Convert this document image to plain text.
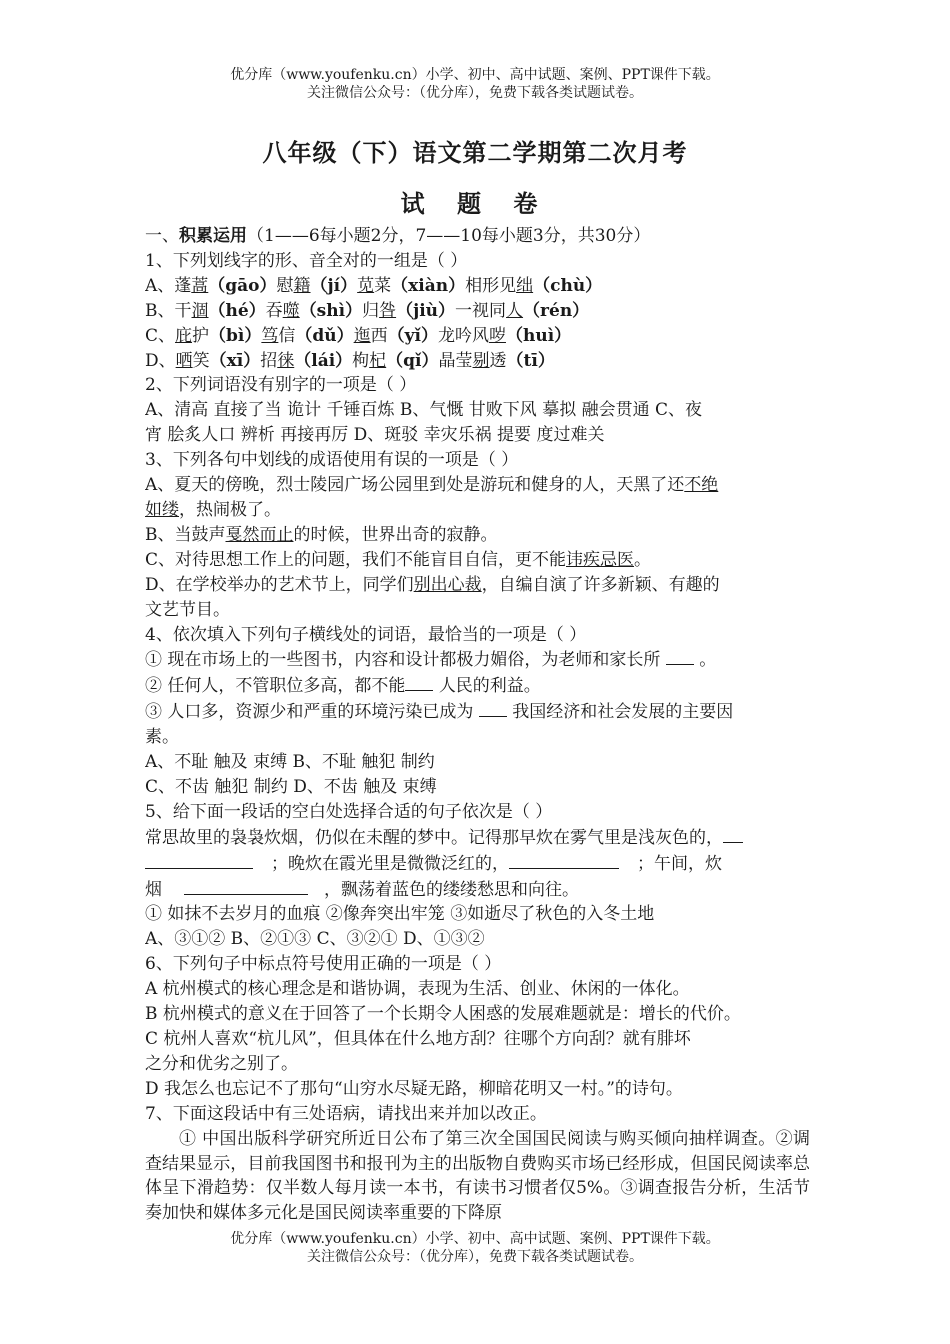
优分库（www.youfenku.cn）小学、初中、高中试题、案例、PPT课件下载。
关注微信公众号：（优分库），免费下载各类试题试卷。
八年级（下）语文第二学期第二次月考
试 题 卷

一、积累运用（1——6每小题2分，7——10每小题3分，共30分）

1、下列划线字的形、音全对的一组是（ ）

A、蓬蒿（gāo）慰籍（jí）苋菜（xiàn）相形见绌（chù）

B、干涸（hé）吞噬（shì）归咎（jiù）一视同人（rén）

C、庇护（bì）笃信（dǔ）迤西（yǐ）龙吟风哕（huì）

D、哂笑（xī）招徕（lái）枸杞（qǐ）晶莹剔透（tī）

2、下列词语没有别字的一项是（ ）

A、清高 直接了当 诡计 千锤百炼 B、气慨 甘败下风 摹拟 融会贯通 C、夜

宵 脍炙人口 辨析 再接再厉 D、斑驳 幸灾乐祸 提要 度过难关

3、下列各句中划线的成语使用有误的一项是（ ）

A、夏天的傍晚，烈士陵园广场公园里到处是游玩和健身的人，天黑了还不绝

如缕，热闹极了。

B、当鼓声戛然而止的时候，世界出奇的寂静。

C、对待思想工作上的问题，我们不能盲目自信，更不能讳疾忌医。

D、在学校举办的艺术节上，同学们别出心裁，自编自演了许多新颖、有趣的

文艺节目。

4、依次填入下列句子横线处的词语，最恰当的一项是（ ）

① 现在市场上的一些图书，内容和设计都极力媚俗，为老师和家长所 。

② 任何人，不管职位多高，都不能 人民的利益。

③ 人口多，资源少和严重的环境污染已成为 我国经济和社会发展的主要因

素。

A、不耻 触及 束缚 B、不耻 触犯 制约

C、不齿 触犯 制约 D、不齿 触及 束缚

5、给下面一段话的空白处选择合适的句子依次是（ ）

常思故里的袅袅炊烟，仍似在未醒的梦中。记得那早炊在雾气里是浅灰色的，

；晚炊在霞光里是微微泛红的，	；午间，炊

烟	，飘荡着蓝色的缕缕愁思和向往。

① 如抹不去岁月的血痕 ②像奔突出牢笼 ③如逝尽了秋色的入冬土地

A、③①② B、②①③ C、③②① D、①③②

6、下列句子中标点符号使用正确的一项是（ ）

A 杭州模式的核心理念是和谐协调，表现为生活、创业、休闲的一体化。

B 杭州模式的意义在于回答了一个长期令人困惑的发展难题就是：增长的代价。

C 杭州人喜欢“杭儿风”，但具体在什么地方刮？往哪个方向刮？就有腓坏

之分和优劣之别了。

D 我怎么也忘记不了那句“山穷水尽疑无路，柳暗花明又一村。”的诗句。

7、下面这段话中有三处语病，请找出来并加以改正。

① 中国出版科学研究所近日公布了第三次全国国民阅读与购买倾向抽样调查。②调查结果显示，目前我国图书和报刊为主的出版物自费购买市场已经形成，但国民阅读率总体呈下滑趋势：仅半数人每月读一本书，有读书习惯者仅5%。③调查报告分析，生活节奏加快和媒体多元化是国民阅读率重要的下降原

优分库（www.youfenku.cn）小学、初中、高中试题、案例、PPT课件下载。
关注微信公众号：（优分库），免费下载各类试题试卷。
